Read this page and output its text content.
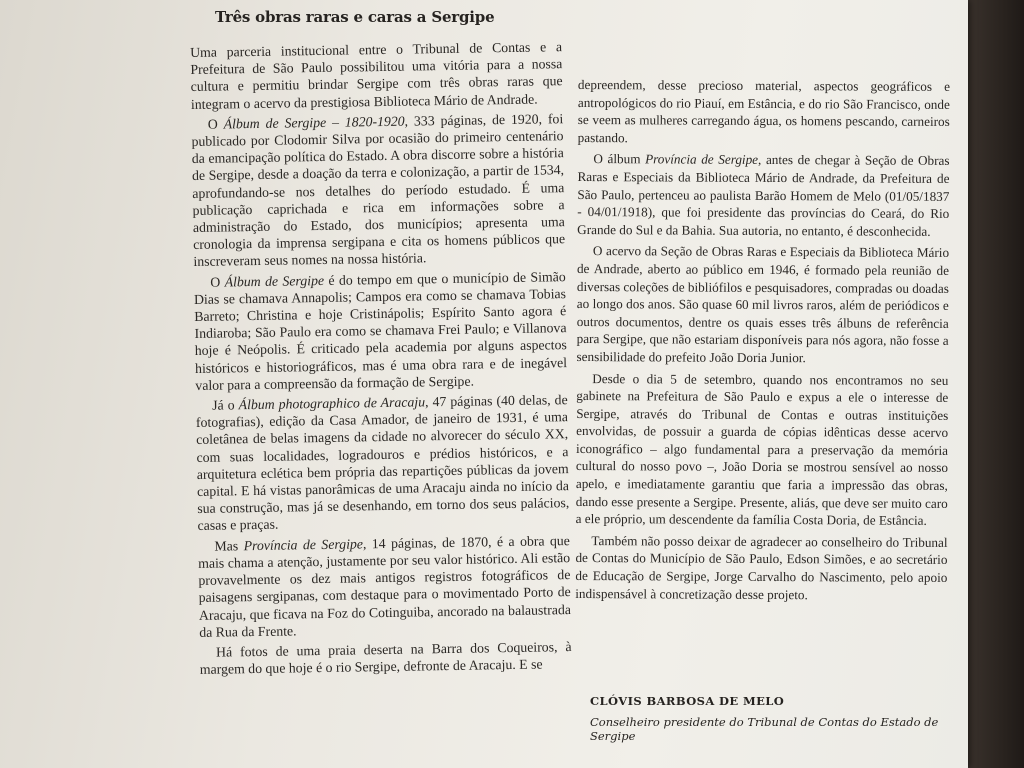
Três obras raras e caras a Sergipe

Uma parceria institucional entre o Tribunal de Contas e a Prefeitura de São Paulo possibilitou uma vitória para a nossa cultura e permitiu brindar Sergipe com três obras raras que integram o acervo da prestigiosa Biblioteca Mário de Andrade.

O Álbum de Sergipe – 1820-1920, 333 páginas, de 1920, foi publicado por Clodomir Silva por ocasião do primeiro centenário da emancipação política do Estado. A obra discorre sobre a história de Sergipe, desde a doação da terra e colonização, a partir de 1534, aprofundando-se nos detalhes do período estudado. É uma publicação caprichada e rica em informações sobre a administração do Estado, dos municípios; apresenta uma cronologia da imprensa sergipana e cita os homens públicos que inscreveram seus nomes na nossa história.

O Álbum de Sergipe é do tempo em que o município de Simão Dias se chamava Annapolis; Campos era como se chamava Tobias Barreto; Christina e hoje Cristinápolis; Espírito Santo agora é Indiaroba; São Paulo era como se chamava Frei Paulo; e Villanova hoje é Neópolis. É criticado pela academia por alguns aspectos históricos e historiográficos, mas é uma obra rara e de inegável valor para a compreensão da formação de Sergipe.

Já o Álbum photographico de Aracaju, 47 páginas (40 delas, de fotografias), edição da Casa Amador, de janeiro de 1931, é uma coletânea de belas imagens da cidade no alvorecer do século XX, com suas localidades, logradouros e prédios históricos, e a arquitetura eclética bem própria das repartições públicas da jovem capital. E há vistas panorâmicas de uma Aracaju ainda no início da sua construção, mas já se desenhando, em torno dos seus palácios, casas e praças.

Mas Província de Sergipe, 14 páginas, de 1870, é a obra que mais chama a atenção, justamente por seu valor histórico. Ali estão provavelmente os dez mais antigos registros fotográficos de paisagens sergipanas, com destaque para o movimentado Porto de Aracaju, que ficava na Foz do Cotinguiba, ancorado na balaustrada da Rua da Frente.

Há fotos de uma praia deserta na Barra dos Coqueiros, à margem do que hoje é o rio Sergipe, defronte de Aracaju. E se

depreendem, desse precioso material, aspectos geográficos e antropológicos do rio Piauí, em Estância, e do rio São Francisco, onde se veem as mulheres carregando água, os homens pescando, carneiros pastando.

O álbum Província de Sergipe, antes de chegar à Seção de Obras Raras e Especiais da Biblioteca Mário de Andrade, da Prefeitura de São Paulo, pertenceu ao paulista Barão Homem de Melo (01/05/1837 - 04/01/1918), que foi presidente das províncias do Ceará, do Rio Grande do Sul e da Bahia. Sua autoria, no entanto, é desconhecida.

O acervo da Seção de Obras Raras e Especiais da Biblioteca Mário de Andrade, aberto ao público em 1946, é formado pela reunião de diversas coleções de bibliófilos e pesquisadores, compradas ou doadas ao longo dos anos. São quase 60 mil livros raros, além de periódicos e outros documentos, dentre os quais esses três álbuns de referência para Sergipe, que não estariam disponíveis para nós agora, não fosse a sensibilidade do prefeito João Doria Junior.

Desde o dia 5 de setembro, quando nos encontramos no seu gabinete na Prefeitura de São Paulo e expus a ele o interesse de Sergipe, através do Tribunal de Contas e outras instituições envolvidas, de possuir a guarda de cópias idênticas desse acervo iconográfico – algo fundamental para a preservação da memória cultural do nosso povo –, João Doria se mostrou sensível ao nosso apelo, e imediatamente garantiu que faria a impressão das obras, dando esse presente a Sergipe. Presente, aliás, que deve ser muito caro a ele próprio, um descendente da família Costa Doria, de Estância.

Também não posso deixar de agradecer ao conselheiro do Tribunal de Contas do Município de São Paulo, Edson Simões, e ao secretário de Educação de Sergipe, Jorge Carvalho do Nascimento, pelo apoio indispensável à concretização desse projeto.

CLÓVIS BARBOSA DE MELO
Conselheiro presidente do Tribunal de Contas do Estado de Sergipe
